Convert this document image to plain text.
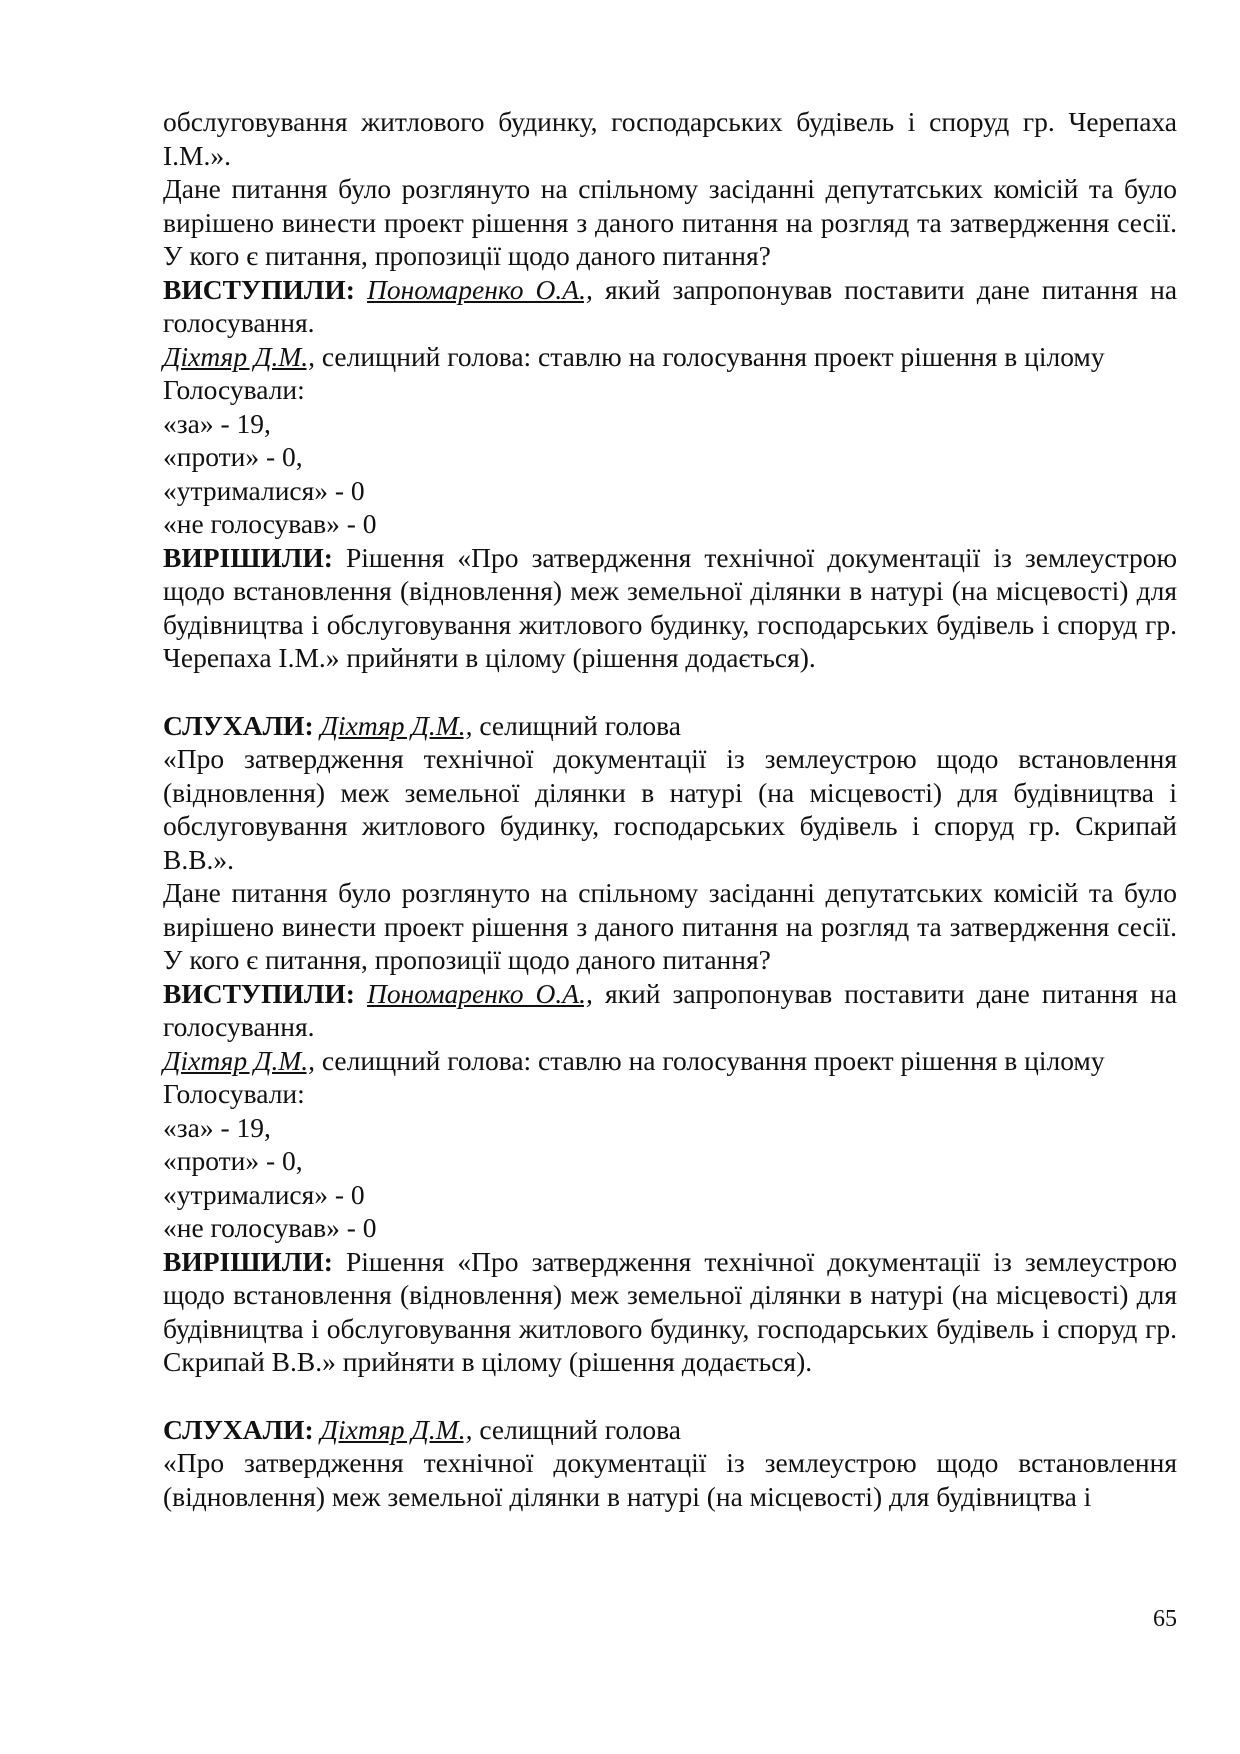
обслуговування житлового будинку, господарських будівель і споруд гр. Черепаха І.М.».

Дане питання було розглянуто на спільному засіданні депутатських комісій та було вирішено винести проект рішення з даного питання на розгляд та затвердження сесії. У кого є питання, пропозиції щодо даного питання?

ВИСТУПИЛИ: Пономаренко О.А., який запропонував поставити дане питання на голосування.

Діхтяр Д.М., селищний голова: ставлю на голосування проект рішення в цілому

Голосували:

«за» - 19,

«проти» - 0,

«утрималися» - 0

«не голосував» - 0

ВИРІШИЛИ: Рішення «Про затвердження технічної документації із землеустрою щодо встановлення (відновлення) меж земельної ділянки в натурі (на місцевості) для будівництва і обслуговування житлового будинку, господарських будівель і споруд гр. Черепаха І.М.» прийняти в цілому (рішення додається).

СЛУХАЛИ: Діхтяр Д.М., селищний голова

«Про затвердження технічної документації із землеустрою щодо встановлення (відновлення) меж земельної ділянки в натурі (на місцевості) для будівництва і обслуговування житлового будинку, господарських будівель і споруд гр. Скрипай В.В.».

Дане питання було розглянуто на спільному засіданні депутатських комісій та було вирішено винести проект рішення з даного питання на розгляд та затвердження сесії. У кого є питання, пропозиції щодо даного питання?

ВИСТУПИЛИ: Пономаренко О.А., який запропонував поставити дане питання на голосування.

Діхтяр Д.М., селищний голова: ставлю на голосування проект рішення в цілому

Голосували:

«за» - 19,

«проти» - 0,

«утрималися» - 0

«не голосував» - 0

ВИРІШИЛИ: Рішення «Про затвердження технічної документації із землеустрою щодо встановлення (відновлення) меж земельної ділянки в натурі (на місцевості) для будівництва і обслуговування житлового будинку, господарських будівель і споруд гр. Скрипай В.В.» прийняти в цілому (рішення додається).

СЛУХАЛИ: Діхтяр Д.М., селищний голова

«Про затвердження технічної документації із землеустрою щодо встановлення (відновлення) меж земельної ділянки в натурі (на місцевості) для будівництва і

65
